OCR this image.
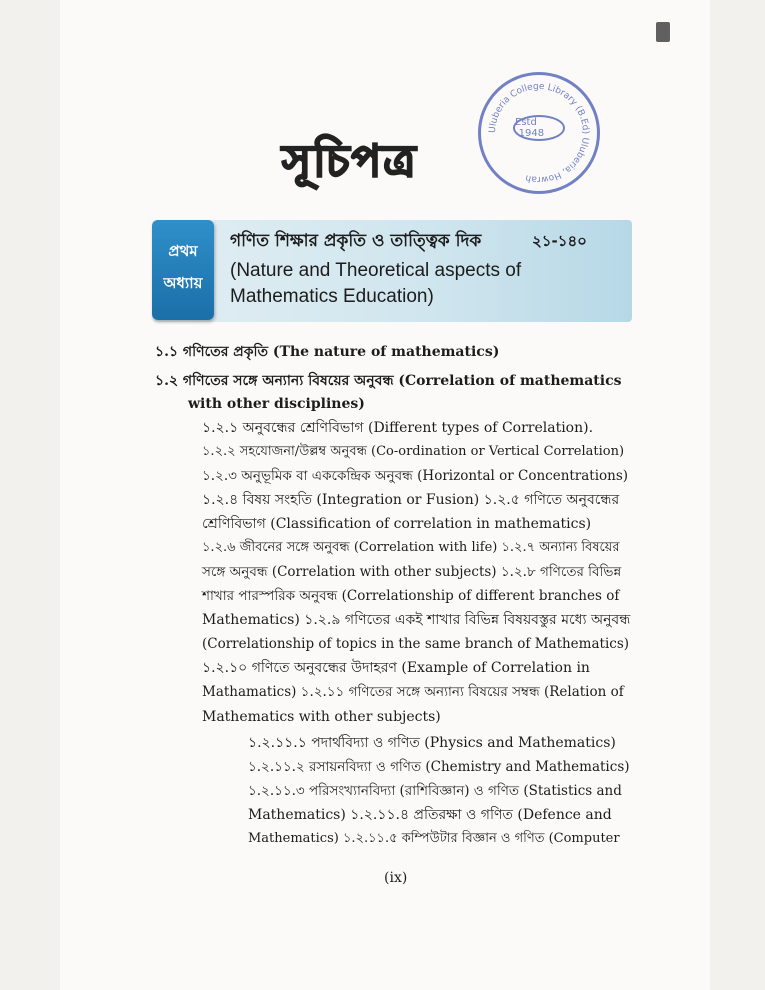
Uluberia College Library (B.Ed) Uluberia, Howrah
Estd -1948
সূচিপত্র
প্রথম
অধ্যায়
গণিত শিক্ষার প্রকৃতি ও তাত্ত্বিক দিক	২১-১৪০
(Nature and Theoretical aspects of
Mathematics Education)
১.১ গণিতের প্রকৃতি (The nature of mathematics)
১.২ গণিতের সঙ্গে অন্যান্য বিষয়ের অনুবন্ধ (Correlation of mathematics
with other disciplines)
১.২.১ অনুবন্ধের শ্রেণিবিভাগ (Different types of Correlation).
১.২.২ সহযোজনা/উল্লম্ব অনুবন্ধ (Co-ordination or Vertical Correlation)
১.২.৩ অনুভূমিক বা এককেন্দ্রিক অনুবন্ধ (Horizontal or Concentrations)
১.২.৪ বিষয় সংহতি (Integration or Fusion) ১.২.৫ গণিতে অনুবন্ধের
শ্রেণিবিভাগ (Classification of correlation in mathematics)
১.২.৬ জীবনের সঙ্গে অনুবন্ধ (Correlation with life) ১.২.৭ অন্যান্য বিষয়ের
সঙ্গে অনুবন্ধ (Correlation with other subjects) ১.২.৮ গণিতের বিভিন্ন
শাখার পারস্পরিক অনুবন্ধ (Correlationship of different branches of
Mathematics) ১.২.৯ গণিতের একই শাখার বিভিন্ন বিষয়বস্তুর মধ্যে অনুবন্ধ
(Correlationship of topics in the same branch of Mathematics)
১.২.১০ গণিতে অনুবন্ধের উদাহরণ (Example of Correlation in
Mathamatics) ১.২.১১ গণিতের সঙ্গে অন্যান্য বিষয়ের সম্বন্ধ (Relation of
Mathematics with other subjects)
১.২.১১.১ পদার্থবিদ্যা ও গণিত (Physics and Mathematics)
১.২.১১.২ রসায়নবিদ্যা ও গণিত (Chemistry and Mathematics)
১.২.১১.৩ পরিসংখ্যানবিদ্যা (রাশিবিজ্ঞান) ও গণিত (Statistics and
Mathematics) ১.২.১১.৪ প্রতিরক্ষা ও গণিত (Defence and
Mathematics) ১.২.১১.৫ কম্পিউটার বিজ্ঞান ও গণিত (Computer
(ix)
